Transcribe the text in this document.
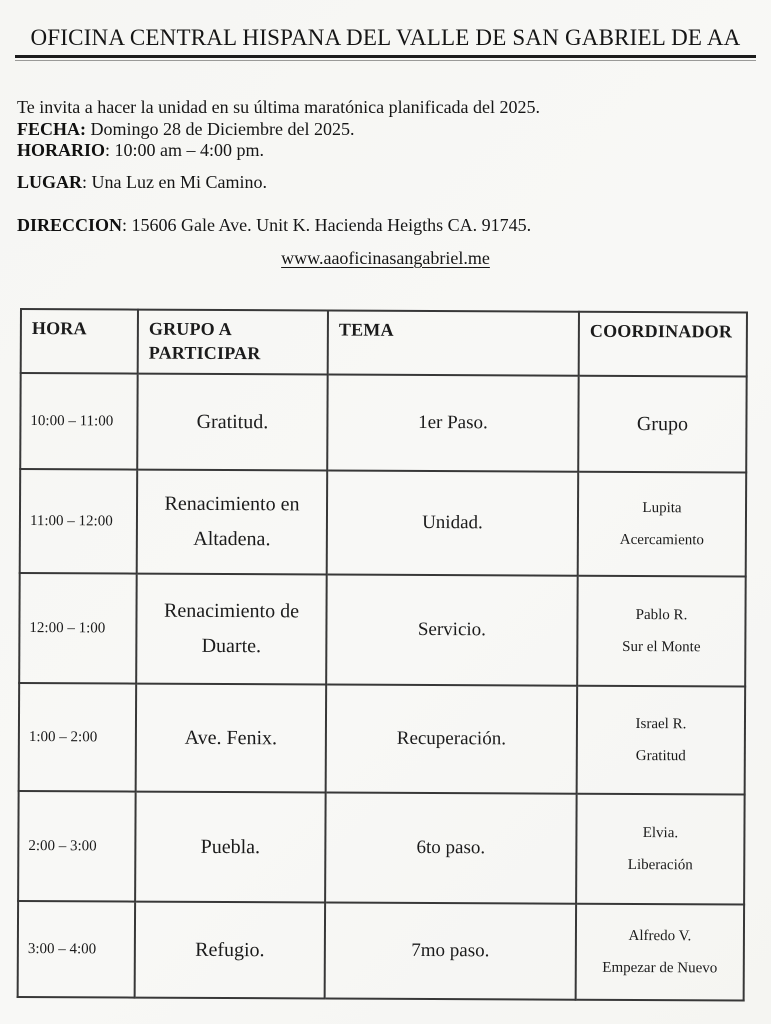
OFICINA CENTRAL HISPANA DEL VALLE DE SAN GABRIEL DE AA
Te invita a hacer la unidad en su última maratónica planificada del 2025.
FECHA: Domingo 28 de Diciembre del 2025.
HORARIO: 10:00 am – 4:00 pm.
LUGAR: Una Luz en Mi Camino.
DIRECCION: 15606 Gale Ave. Unit K. Hacienda Heigths CA. 91745.
www.aaoficinasangabriel.me
HORA	GRUPO A PARTICIPAR	TEMA	COORDINADOR
10:00 – 11:00	Gratitud.	1er Paso.	Grupo

11:00 – 12:00	Renacimiento en Altadena.	Unidad.	Lupita
Acercamiento

12:00 – 1:00	Renacimiento de Duarte.	Servicio.	Pablo R.
Sur el Monte

1:00 – 2:00	Ave. Fenix.	Recuperación.	Israel R.
Gratitud

2:00 – 3:00	Puebla.	6to paso.	Elvia.
Liberación

3:00 – 4:00	Refugio.	7mo paso.	Alfredo V.
Empezar de Nuevo
